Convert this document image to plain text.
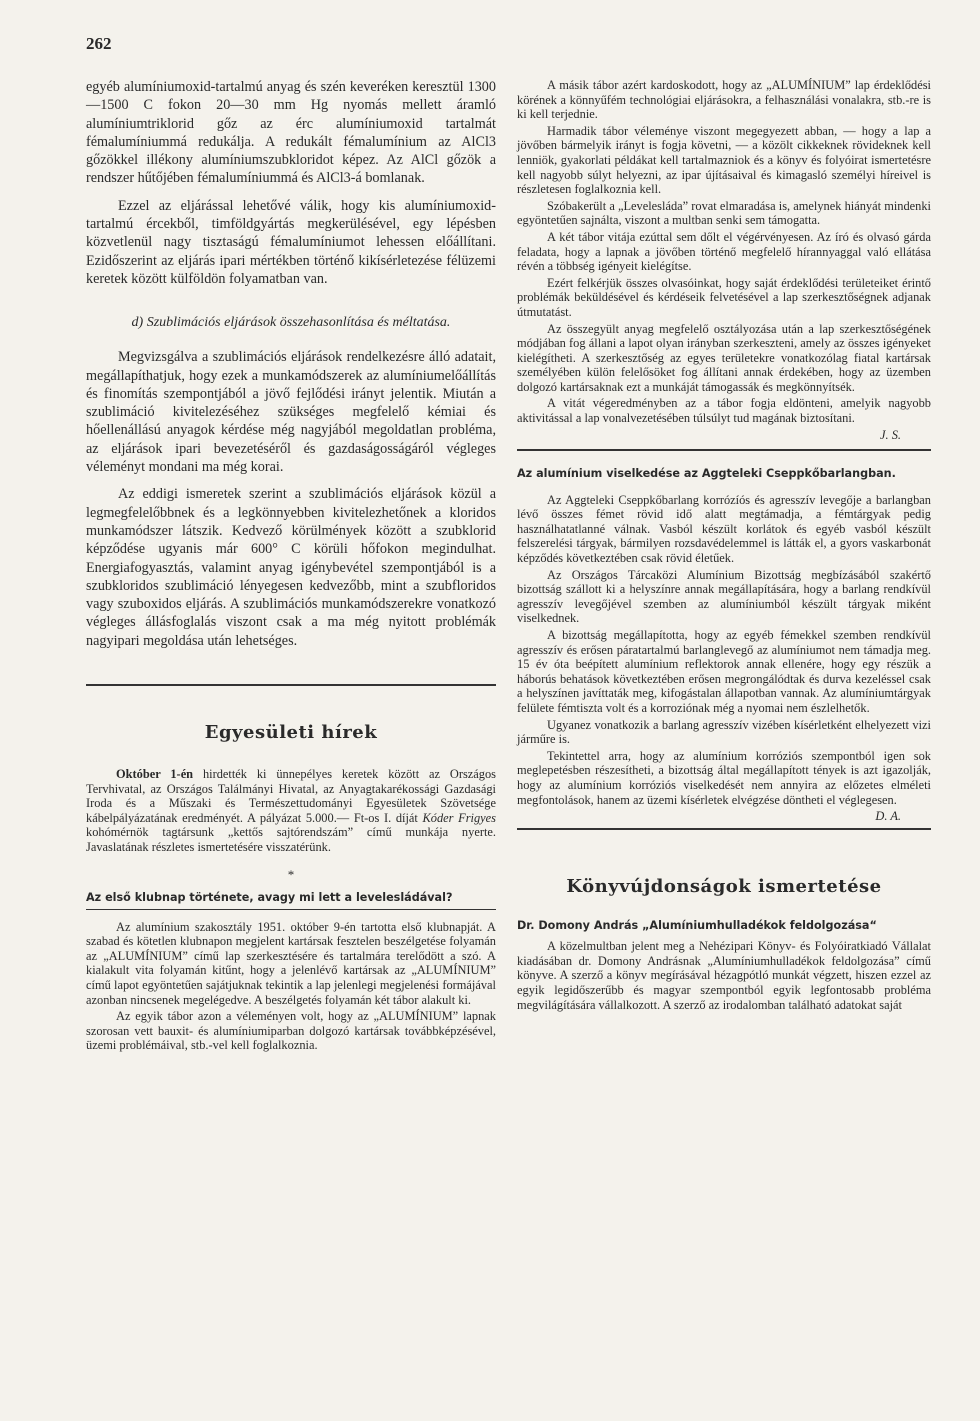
262

egyéb alumíniumoxid-tartalmú anyag és szén keveréken keresztül 1300—1500 C fokon 20—30 mm Hg nyomás mellett áramló alumíniumtriklorid gőz az érc alumíniumoxid tartalmát fémalumíniummá redukálja. A redukált fémalumínium az AlCl3 gőzökkel illékony alumíniumszubkloridot képez. Az AlCl gőzök a rendszer hűtőjében fémalumíniummá és AlCl3-á bomlanak.

Ezzel az eljárással lehetővé válik, hogy kis alumíniumoxid-tartalmú ércekből, timföldgyártás megkerülésével, egy lépésben közvetlenül nagy tisztaságú fémalumíniumot lehessen előállítani. Ezidőszerint az eljárás ipari mértékben történő kikísérletezése félüzemi keretek között külföldön folyamatban van.

d) Szublimációs eljárások összehasonlítása és méltatása.

Megvizsgálva a szublimációs eljárások rendelkezésre álló adatait, megállapíthatjuk, hogy ezek a munkamódszerek az alumíniumelőállítás és finomítás szempontjából a jövő fejlődési irányt jelentik. Miután a szublimáció kivitelezéséhez szükséges megfelelő kémiai és hőellenállású anyagok kérdése még nagyjából megoldatlan probléma, az eljárások ipari bevezetéséről és gazdaságosságáról végleges véleményt mondani ma még korai.

Az eddigi ismeretek szerint a szublimációs eljárások közül a legmegfelelőbbnek és a legkönnyebben kivitelezhetőnek a kloridos munkamódszer látszik. Kedvező körülmények között a szubklorid képződése ugyanis már 600° C körüli hőfokon megindulhat. Energiafogyasztás, valamint anyag igénybevétel szempontjából is a szubkloridos szublimáció lényegesen kedvezőbb, mint a szubfloridos vagy szuboxidos eljárás. A szublimációs munkamódszerekre vonatkozó végleges állásfoglalás viszont csak a ma még nyitott problémák nagyipari megoldása után lehetséges.

Egyesületi hírek

Október 1-én hirdették ki ünnepélyes keretek között az Országos Tervhivatal, az Országos Találmányi Hivatal, az Anyagtakarékossági Gazdasági Iroda és a Műszaki és Természettudományi Egyesületek Szövetsége kábelpályázatának eredményét. A pályázat 5.000.— Ft-os I. díját Kóder Frigyes kohómérnök tagtársunk „kettős sajtórendszám” című munkája nyerte. Javaslatának részletes ismertetésére visszatérünk.

*
Az első klubnap története, avagy mi lett a levelesládával?

Az alumínium szakosztály 1951. október 9-én tartotta első klubnapját. A szabad és kötetlen klubnapon megjelent kartársak fesztelen beszélgetése folyamán az „ALUMÍNIUM” című lap szerkesztésére és tartalmára terelődött a szó. A kialakult vita folyamán kitűnt, hogy a jelenlévő kartársak az „ALUMÍNIUM” című lapot egyöntetűen sajátjuknak tekintik a lap jelenlegi megjelenési formájával azonban nincsenek megelégedve. A beszélgetés folyamán két tábor alakult ki.

Az egyik tábor azon a véleményen volt, hogy az „ALUMÍNIUM” lapnak szorosan vett bauxit- és alumíniumiparban dolgozó kartársak továbbképzésével, üzemi problémáival, stb.-vel kell foglalkoznia.

A másik tábor azért kardoskodott, hogy az „ALUMÍNIUM” lap érdeklődési körének a könnyűfém technológiai eljárásokra, a felhasználási vonalakra, stb.-re is ki kell terjednie.

Harmadik tábor véleménye viszont megegyezett abban, — hogy a lap a jövőben bármelyik irányt is fogja követni, — a közölt cikkeknek rövideknek kell lenniök, gyakorlati példákat kell tartalmazniok és a könyv és folyóirat ismertetésre kell nagyobb súlyt helyezni, az ipar újításaival és kimagasló személyi híreivel is részletesen foglalkoznia kell.

Szóbakerült a „Levelesláda” rovat elmaradása is, amelynek hiányát mindenki egyöntetűen sajnálta, viszont a multban senki sem támogatta.

A két tábor vitája ezúttal sem dőlt el végérvényesen. Az író és olvasó gárda feladata, hogy a lapnak a jövőben történő megfelelő hírannyaggal való ellátása révén a többség igényeit kielégítse.

Ezért felkérjük összes olvasóinkat, hogy saját érdeklődési területeiket érintő problémák beküldésével és kérdéseik felvetésével a lap szerkesztőségnek adjanak útmutatást.

Az összegyült anyag megfelelő osztályozása után a lap szerkesztőségének módjában fog állani a lapot olyan irányban szerkeszteni, amely az összes igényeket kielégítheti. A szerkesztőség az egyes területekre vonatkozólag fiatal kartársak személyében külön felelősöket fog állítani annak érdekében, hogy az üzemben dolgozó kartársaknak ezt a munkáját támogassák és megkönnyítsék.

A vitát végeredményben az a tábor fogja eldönteni, amelyik nagyobb aktivitással a lap vonalvezetésében túlsúlyt tud magának biztosítani.

J. S.
Az alumínium viselkedése az Aggteleki Cseppkőbarlangban.

Az Aggteleki Cseppkőbarlang korrózíós és agresszív levegője a barlangban lévő összes fémet rövid idő alatt megtámadja, a fémtárgyak pedig használhatatlanné válnak. Vasból készült korlátok és egyéb vasból készült felszerelési tárgyak, bármilyen rozsdavédelemmel is látták el, a gyors vaskarbonát képződés következtében csak rövid életűek.

Az Országos Tárcaközi Alumínium Bizottság megbízásából szakértő bizottság szállott ki a helyszínre annak megállapítására, hogy a barlang rendkívül agresszív levegőjével szemben az alumíniumból készült tárgyak miként viselkednek.

A bizottság megállapította, hogy az egyéb fémekkel szemben rendkívül agresszív és erősen páratartalmú barlanglevegő az alumíniumot nem támadja meg. 15 év óta beépített alumínium reflektorok annak ellenére, hogy egy részük a háborús behatások következtében erősen megrongálódtak és durva kezeléssel csak a helyszínen javíttaták meg, kifogástalan állapotban vannak. Az alumíniumtárgyak felülete fémtiszta volt és a korroziónak még a nyomai nem észlelhetők.

Ugyanez vonatkozik a barlang agresszív vizében kísérletként elhelyezett vizi járműre is.

Tekintettel arra, hogy az alumínium korróziós szempontból igen sok meglepetésben részesítheti, a bizottság által megállapított tények is azt igazolják, hogy az alumínium korróziós viselkedését nem annyira az előzetes elméleti megfontolások, hanem az üzemi kísérletek elvégzése döntheti el véglegesen.

D. A.
Könyvújdonságok ismertetése
Dr. Domony András „Alumíniumhulladékok feldolgozása“

A közelmultban jelent meg a Nehézipari Könyv- és Folyóiratkiadó Vállalat kiadásában dr. Domony Andrásnak „Alumíniumhulladékok feldolgozása” című könyve. A szerző a könyv megírásával hézagpótló munkát végzett, hiszen ezzel az egyik legidőszerűbb és magyar szempontból egyik legfontosabb probléma megvilágítására vállalkozott. A szerző az irodalomban található adatokat saját
